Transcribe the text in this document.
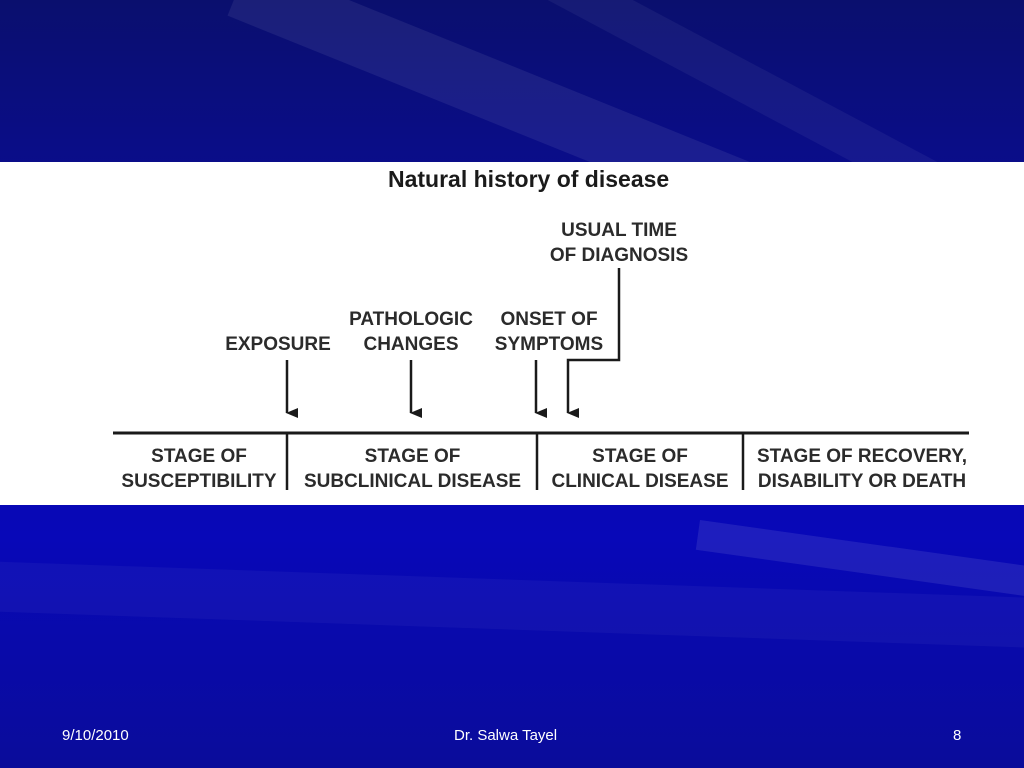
Natural history of disease
EXPOSURE
PATHOLOGIC
CHANGES
ONSET OF
SYMPTOMS
USUAL TIME
OF DIAGNOSIS
STAGE OF
SUSCEPTIBILITY
STAGE OF
SUBCLINICAL DISEASE
STAGE OF
CLINICAL DISEASE
STAGE OF RECOVERY,
DISABILITY OR DEATH
9/10/2010	Dr. Salwa Tayel	8
